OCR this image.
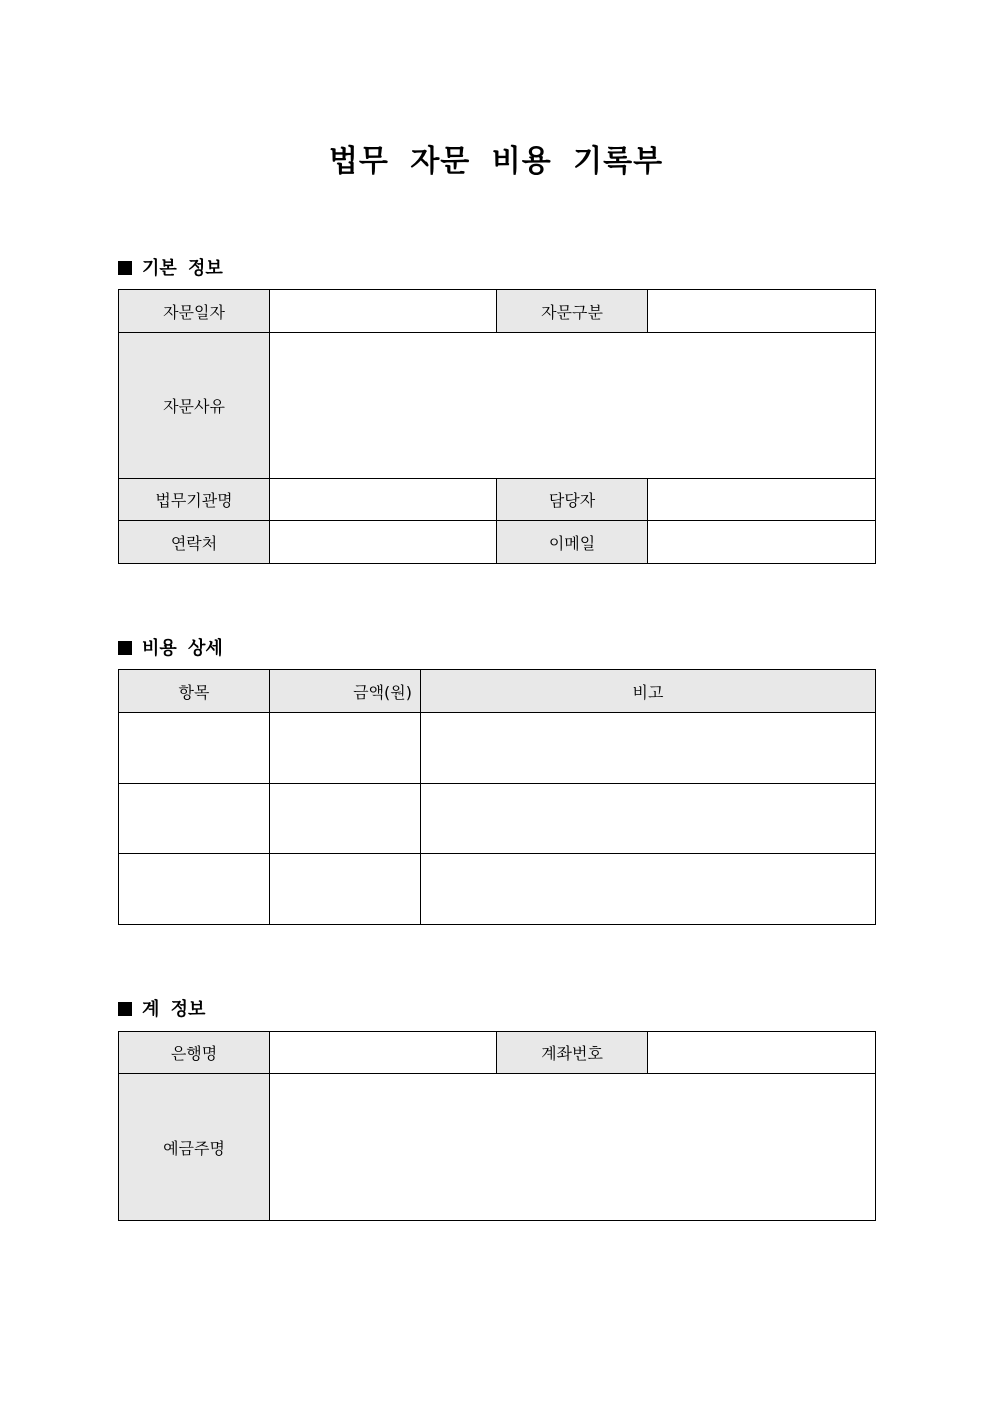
법무 자문 비용 기록부
기본 정보
자문일자		자문구분	
자문사유			
법무기관명		담당자	
연락처		이메일	
비용 상세
항목	금액(원)	비고

계 정보
은행명		계좌번호	
예금주명			
